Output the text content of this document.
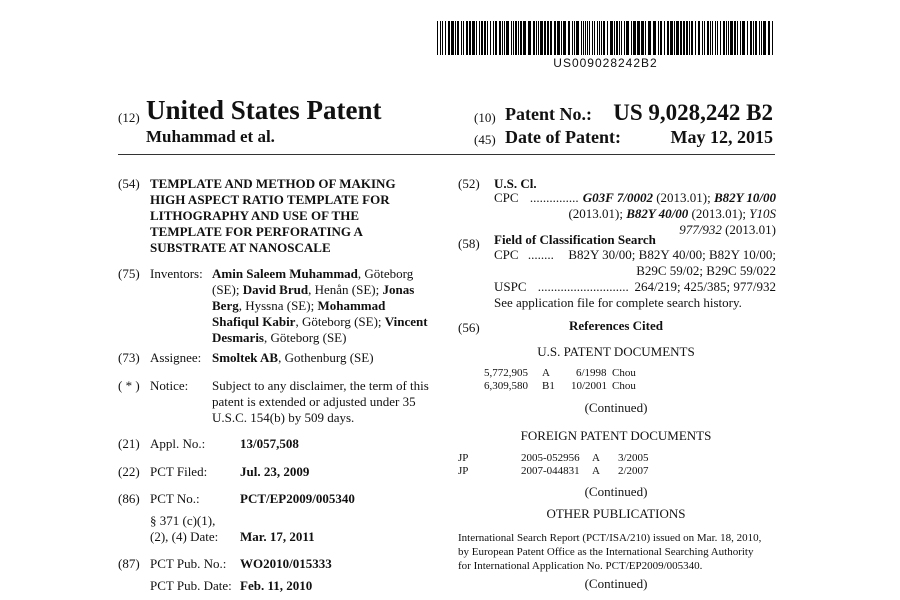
US009028242B2
(12) United States Patent
Muhammad et al.
(10) Patent No.: US 9,028,242 B2
(45) Date of Patent:	May 12, 2015
(54) TEMPLATE AND METHOD OF MAKING
HIGH ASPECT RATIO TEMPLATE FOR
LITHOGRAPHY AND USE OF THE
TEMPLATE FOR PERFORATING A
SUBSTRATE AT NANOSCALE
(75) Inventors: Amin Saleem Muhammad, Göteborg
(SE); David Brud, Henån (SE); Jonas
Berg, Hyssna (SE); Mohammad
Shafiqul Kabir, Göteborg (SE); Vincent
Desmaris, Göteborg (SE)
(73) Assignee: Smoltek AB, Gothenburg (SE)
( * ) Notice: Subject to any disclaimer, the term of this
patent is extended or adjusted under 35
U.S.C. 154(b) by 509 days.
(21) Appl. No.:	13/057,508
(22) PCT Filed:	Jul. 23, 2009
(86) PCT No.:	PCT/EP2009/005340
§ 371 (c)(1),
(2), (4) Date: Mar. 17, 2011
(87) PCT Pub. No.: WO2010/015333
PCT Pub. Date: Feb. 11, 2010
(52) U.S. Cl.
CPC ............... G03F 7/0002 (2013.01); B82Y 10/00
(2013.01); B82Y 40/00 (2013.01); Y10S
977/932 (2013.01)
(58) Field of Classification Search
CPC ........ B82Y 30/00; B82Y 40/00; B82Y 10/00;
B29C 59/02; B29C 59/022
USPC ............................ 264/219; 425/385; 977/932
See application file for complete search history.
(56)	References Cited
U.S. PATENT DOCUMENTS
5,772,905 A 6/1998 Chou
6,309,580 B1 10/2001 Chou
(Continued)
FOREIGN PATENT DOCUMENTS
JP	2005-052956 A 3/2005
JP	2007-044831 A 2/2007
(Continued)
OTHER PUBLICATIONS
International Search Report (PCT/ISA/210) issued on Mar. 18, 2010,
by European Patent Office as the International Searching Authority
for International Application No. PCT/EP2009/005340.
(Continued)
